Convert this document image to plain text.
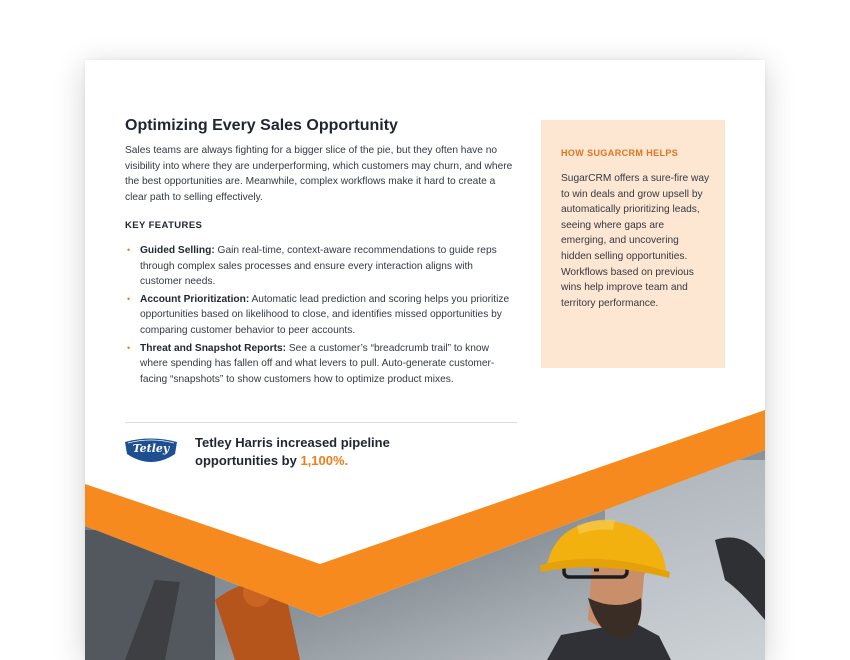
Optimizing Every Sales Opportunity

Sales teams are always fighting for a bigger slice of the pie, but they often have no visibility into where they are underperforming, which customers may churn, and where the best opportunities are. Meanwhile, complex workflows make it hard to create a clear path to selling effectively.

KEY FEATURES
• Guided Selling: Gain real-time, context-aware recommendations to guide reps through complex sales processes and ensure every interaction aligns with customer needs.
• Account Prioritization: Automatic lead prediction and scoring helps you prioritize opportunities based on likelihood to close, and identifies missed opportunities by comparing customer behavior to peer accounts.
• Threat and Snapshot Reports: See a customer’s “breadcrumb trail” to know where spending has fallen off and what levers to pull. Auto-generate customer-facing “snapshots” to show customers how to optimize product mixes.
Tetley Tetley Harris increased pipeline
opportunities by 1,100%.

HOW SUGARCRM HELPS

SugarCRM offers a sure-fire way to win deals and grow upsell by automatically prioritizing leads, seeing where gaps are emerging, and uncovering hidden selling opportunities. Workflows based on previous wins help improve team and territory performance.
